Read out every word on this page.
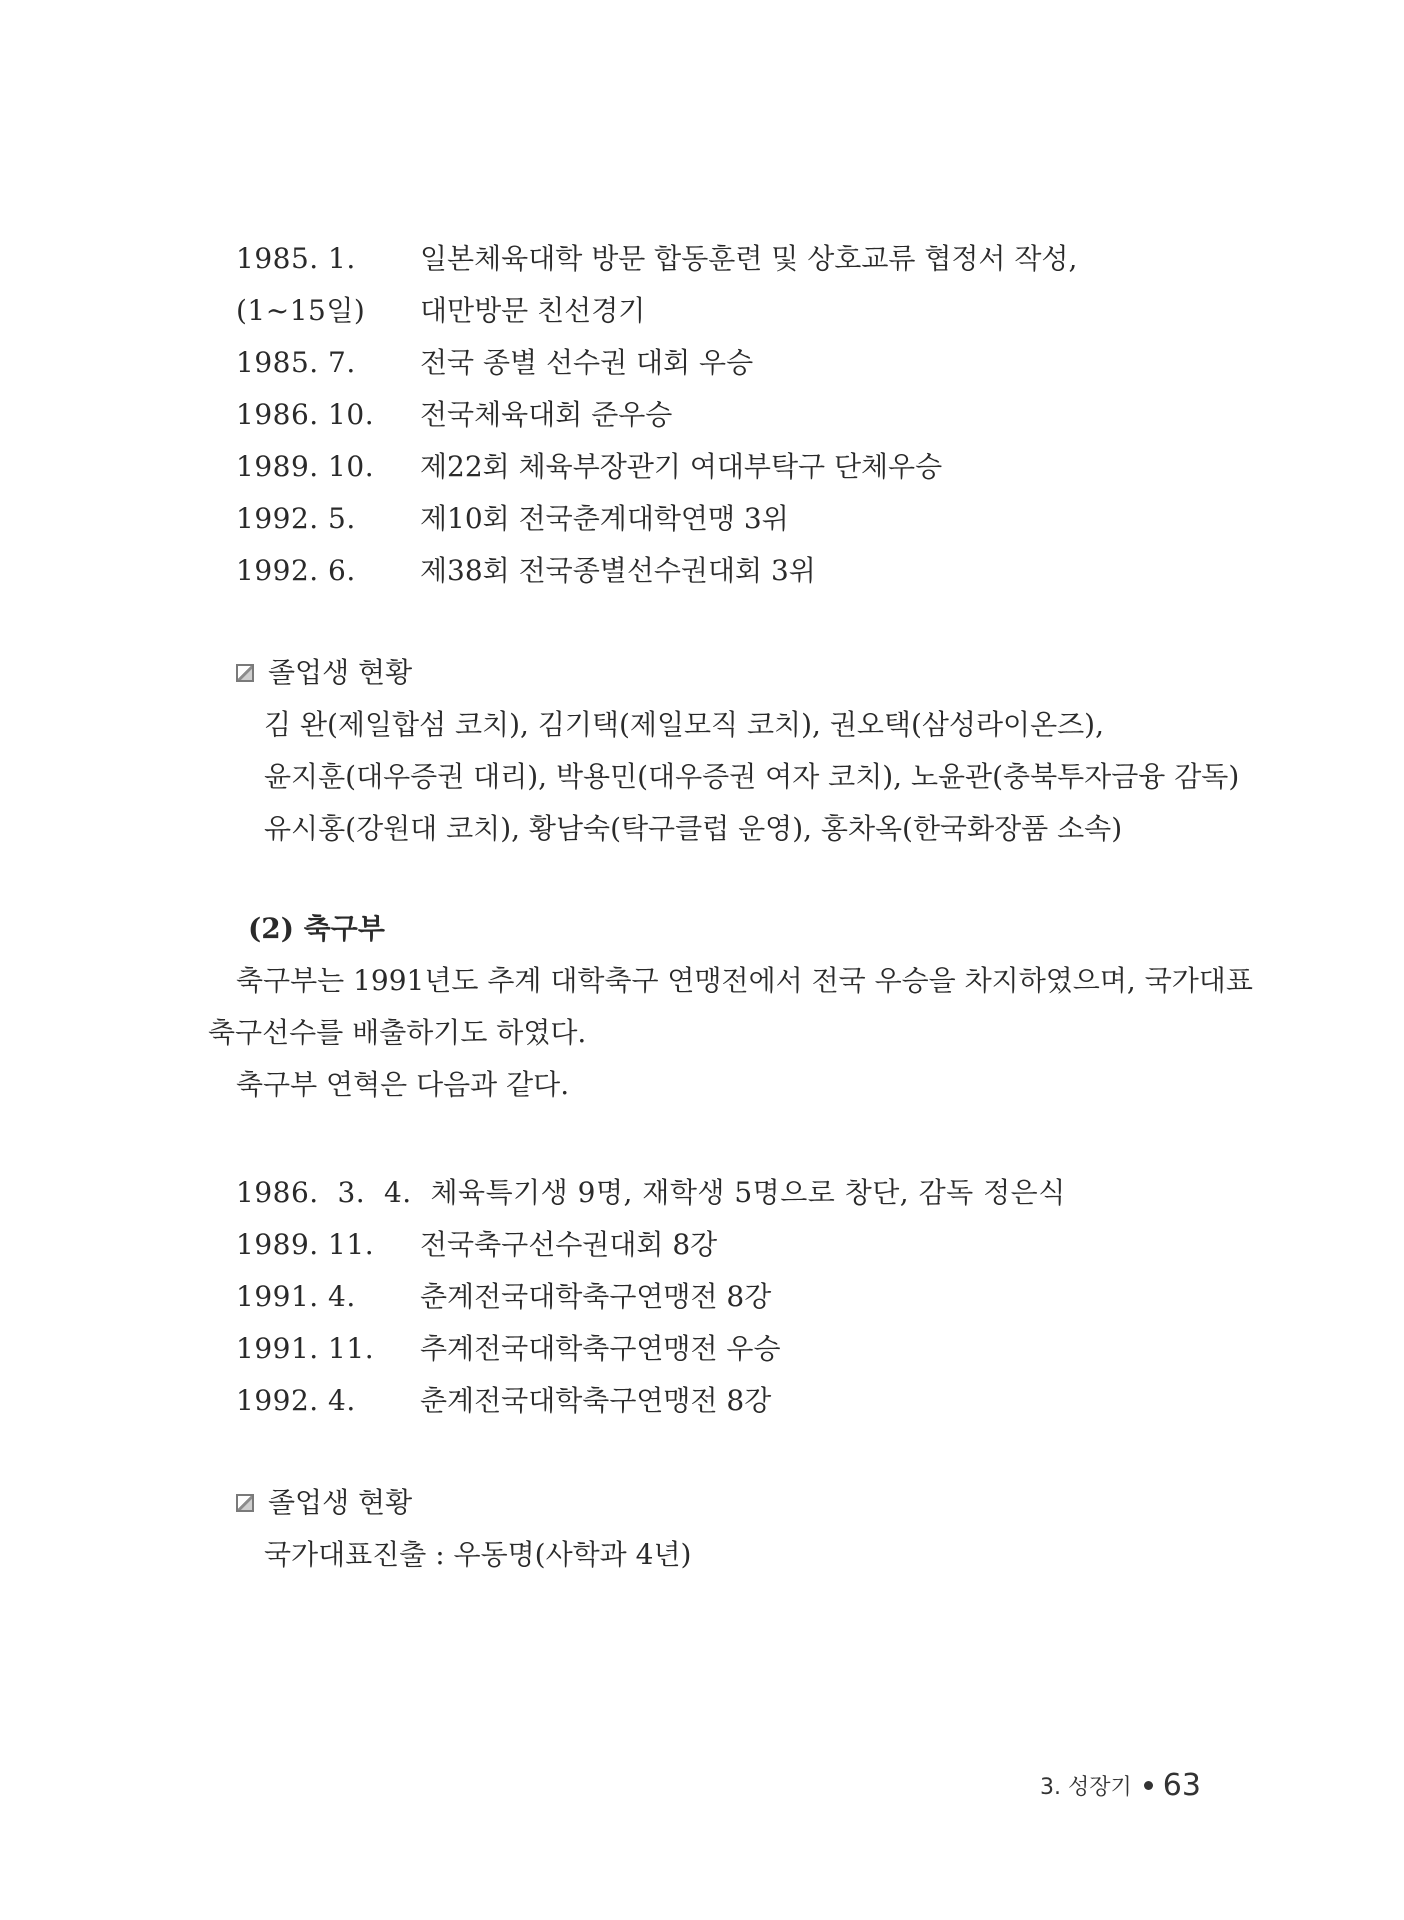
1985. 1. 일본체육대학 방문 합동훈련 및 상호교류 협정서 작성,
(1~15일) 대만방문 친선경기
1985. 7. 전국 종별 선수권 대회 우승
1986. 10. 전국체육대회 준우승
1989. 10. 제22회 체육부장관기 여대부탁구 단체우승
1992. 5. 제10회 전국춘계대학연맹 3위
1992. 6. 제38회 전국종별선수권대회 3위
졸업생 현황
김 완(제일합섬 코치), 김기택(제일모직 코치), 권오택(삼성라이온즈),
윤지훈(대우증권 대리), 박용민(대우증권 여자 코치), 노윤관(충북투자금융 감독)
유시홍(강원대 코치), 황남숙(탁구클럽 운영), 홍차옥(한국화장품 소속)
(2) 축구부
축구부는 1991년도 추계 대학축구 연맹전에서 전국 우승을 차지하였으며, 국가대표
축구선수를 배출하기도 하였다.
축구부 연혁은 다음과 같다.
1986.  3.  4.  체육특기생 9명, 재학생 5명으로 창단, 감독 정은식
1989. 11. 전국축구선수권대회 8강
1991. 4. 춘계전국대학축구연맹전 8강
1991. 11. 추계전국대학축구연맹전 우승
1992. 4. 춘계전국대학축구연맹전 8강
졸업생 현황
국가대표진출 : 우동명(사학과 4년)
3. 성장기 63
